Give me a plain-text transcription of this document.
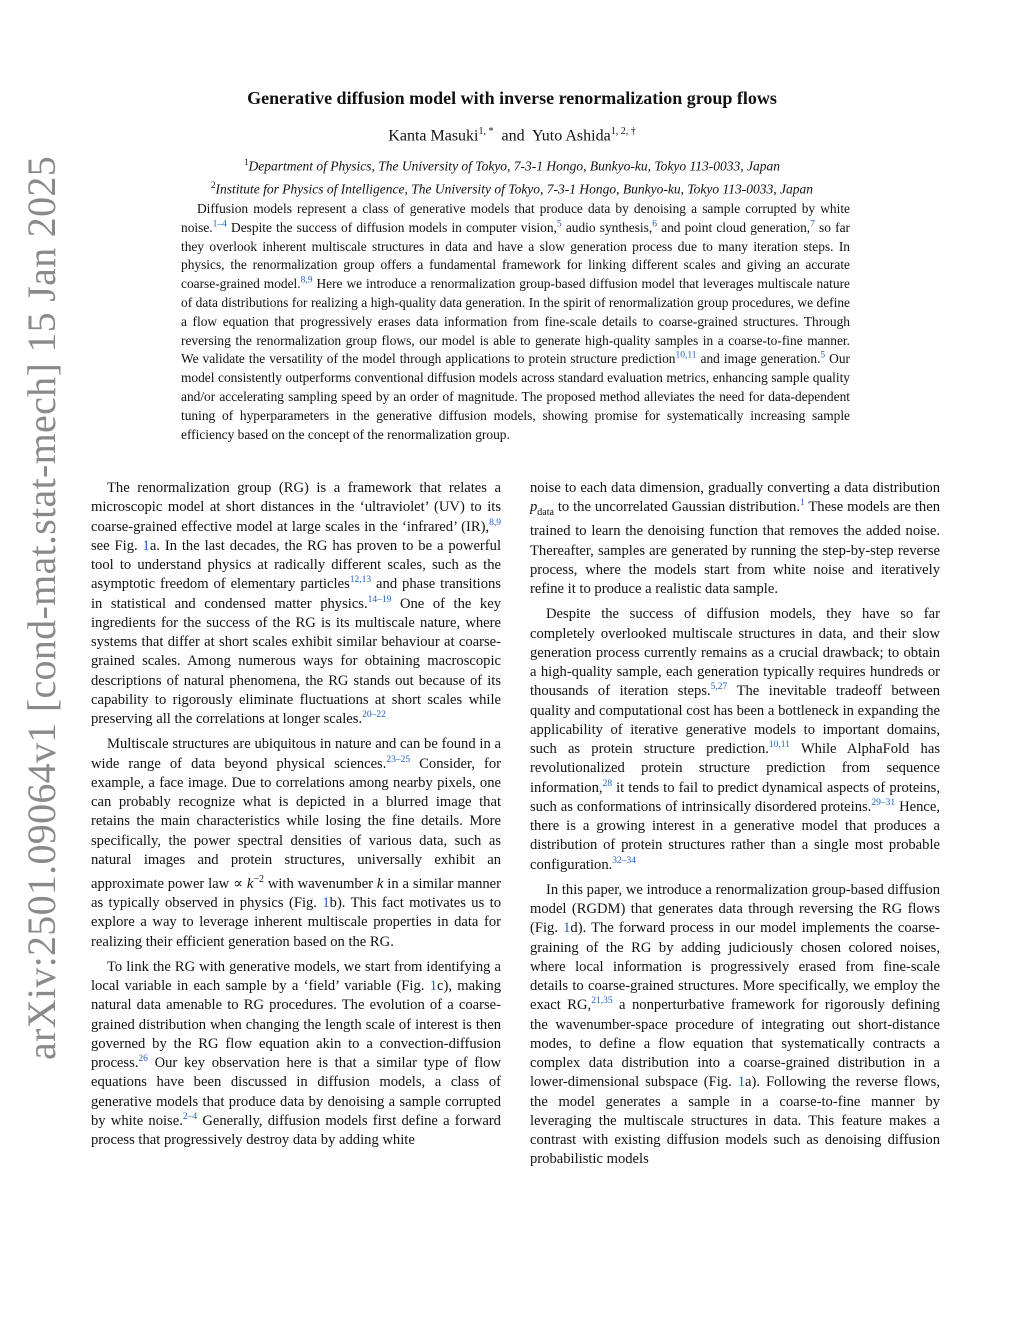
arXiv:2501.09064v1 [cond-mat.stat-mech] 15 Jan 2025
Generative diffusion model with inverse renormalization group flows
Kanta Masuki$^{1, *}$ and Yuto Ashida$^{1, 2, \dagger}$
$^1$Department of Physics, The University of Tokyo, 7-3-1 Hongo, Bunkyo-ku, Tokyo 113-0033, Japan
$^2$Institute for Physics of Intelligence, The University of Tokyo, 7-3-1 Hongo, Bunkyo-ku, Tokyo 113-0033, Japan

Diffusion models represent a class of generative models that produce data by denoising a sample corrupted by white noise.$^{1-4}$ Despite the success of diffusion models in computer vision,$^5$ audio synthesis,$^6$ and point cloud generation,$^7$ so far they overlook inherent multiscale structures in data and have a slow generation process due to many iteration steps. In physics, the renormalization group offers a fundamental framework for linking different scales and giving an accurate coarse-grained model.$^{8,9}$ Here we introduce a renormalization group-based diffusion model that leverages multiscale nature of data distributions for realizing a high-quality data generation. In the spirit of renormalization group procedures, we define a flow equation that progressively erases data information from fine-scale details to coarse-grained structures. Through reversing the renormalization group flows, our model is able to generate high-quality samples in a coarse-to-fine manner. We validate the versatility of the model through applications to protein structure prediction$^{10,11}$ and image generation.$^5$ Our model consistently outperforms conventional diffusion models across standard evaluation metrics, enhancing sample quality and/or accelerating sampling speed by an order of magnitude. The proposed method alleviates the need for data-dependent tuning of hyperparameters in the generative diffusion models, showing promise for systematically increasing sample efficiency based on the concept of the renormalization group.

The renormalization group (RG) is a framework that relates a microscopic model at short distances in the ‘ultraviolet’ (UV) to its coarse-grained effective model at large scales in the ‘infrared’ (IR),$^{8,9}$ see Fig. 1a. In the last decades, the RG has proven to be a powerful tool to understand physics at radically different scales, such as the asymptotic freedom of elementary particles$^{12,13}$ and phase transitions in statistical and condensed matter physics.$^{14-19}$ One of the key ingredients for the success of the RG is its multiscale nature, where systems that differ at short scales exhibit similar behaviour at coarse-grained scales. Among numerous ways for obtaining macroscopic descriptions of natural phenomena, the RG stands out because of its capability to rigorously eliminate fluctuations at short scales while preserving all the correlations at longer scales.$^{20-22}$

Multiscale structures are ubiquitous in nature and can be found in a wide range of data beyond physical sciences.$^{23-25}$ Consider, for example, a face image. Due to correlations among nearby pixels, one can probably recognize what is depicted in a blurred image that retains the main characteristics while losing the fine details. More specifically, the power spectral densities of various data, such as natural images and protein structures, universally exhibit an approximate power law ∝ $k^{-2}$ with wavenumber k in a similar manner as typically observed in physics (Fig. 1b). This fact motivates us to explore a way to leverage inherent multiscale properties in data for realizing their efficient generation based on the RG.

To link the RG with generative models, we start from identifying a local variable in each sample by a ‘field’ variable (Fig. 1c), making natural data amenable to RG procedures. The evolution of a coarse-grained distribution when changing the length scale of interest is then governed by the RG flow equation akin to a convection-diffusion process.$^{26}$ Our key observation here is that a similar type of flow equations have been discussed in diffusion models, a class of generative models that produce data by denoising a sample corrupted by white noise.$^{2-4}$ Generally, diffusion models first define a forward process that progressively destroy data by adding white

noise to each data dimension, gradually converting a data distribution $p_{data}$ to the uncorrelated Gaussian distribution.$^1$ These models are then trained to learn the denoising function that removes the added noise. Thereafter, samples are generated by running the step-by-step reverse process, where the models start from white noise and iteratively refine it to produce a realistic data sample.

Despite the success of diffusion models, they have so far completely overlooked multiscale structures in data, and their slow generation process currently remains as a crucial drawback; to obtain a high-quality sample, each generation typically requires hundreds or thousands of iteration steps.$^{5,27}$ The inevitable tradeoff between quality and computational cost has been a bottleneck in expanding the applicability of iterative generative models to important domains, such as protein structure prediction.$^{10,11}$ While AlphaFold has revolutionalized protein structure prediction from sequence information,$^{28}$ it tends to fail to predict dynamical aspects of proteins, such as conformations of intrinsically disordered proteins.$^{29-31}$ Hence, there is a growing interest in a generative model that produces a distribution of protein structures rather than a single most probable configuration.$^{32-34}$

In this paper, we introduce a renormalization group-based diffusion model (RGDM) that generates data through reversing the RG flows (Fig. 1d). The forward process in our model implements the coarse-graining of the RG by adding judiciously chosen colored noises, where local information is progressively erased from fine-scale details to coarse-grained structures. More specifically, we employ the exact RG,$^{21,35}$ a nonperturbative framework for rigorously defining the wavenumber-space procedure of integrating out short-distance modes, to define a flow equation that systematically contracts a complex data distribution into a coarse-grained distribution in a lower-dimensional subspace (Fig. 1a). Following the reverse flows, the model generates a sample in a coarse-to-fine manner by leveraging the multiscale structures in data. This feature makes a contrast with existing diffusion models such as denoising diffusion probabilistic models
